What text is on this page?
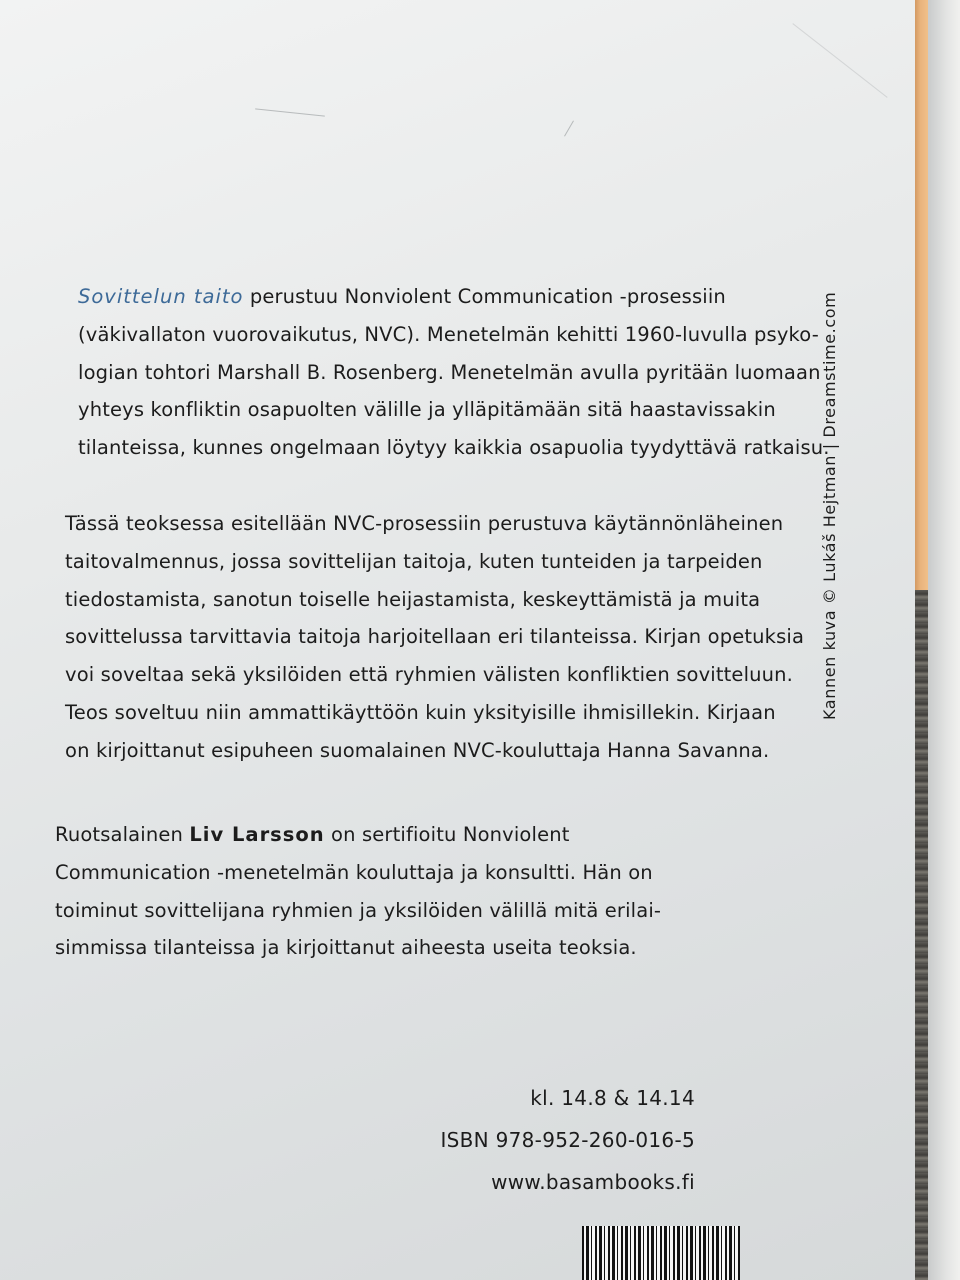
Sovittelun taito perustuu Nonviolent Communication -prosessiin
(väkivallaton vuorovaikutus, NVC). Menetelmän kehitti 1960-luvulla psyko-
logian tohtori Marshall B. Rosenberg. Menetelmän avulla pyritään luomaan
yhteys konfliktin osapuolten välille ja ylläpitämään sitä haastavissakin
tilanteissa, kunnes ongelmaan löytyy kaikkia osapuolia tyydyttävä ratkaisu.
Tässä teoksessa esitellään NVC-prosessiin perustuva käytännönläheinen
taitovalmennus, jossa sovittelijan taitoja, kuten tunteiden ja tarpeiden
tiedostamista, sanotun toiselle heijastamista, keskeyttämistä ja muita
sovittelussa tarvittavia taitoja harjoitellaan eri tilanteissa. Kirjan opetuksia
voi soveltaa sekä yksilöiden että ryhmien välisten konfliktien sovitteluun.
Teos soveltuu niin ammattikäyttöön kuin yksityisille ihmisillekin. Kirjaan
on kirjoittanut esipuheen suomalainen NVC-kouluttaja Hanna Savanna.
Ruotsalainen Liv Larsson on sertifioitu Nonviolent
Communication -menetelmän kouluttaja ja konsultti. Hän on
toiminut sovittelijana ryhmien ja yksilöiden välillä mitä erilai-
simmissa tilanteissa ja kirjoittanut aiheesta useita teoksia.
kl. 14.8 & 14.14
ISBN 978-952-260-016-5
www.basambooks.fi
Kannen kuva © Lukáš Hejtman | Dreamstime.com
